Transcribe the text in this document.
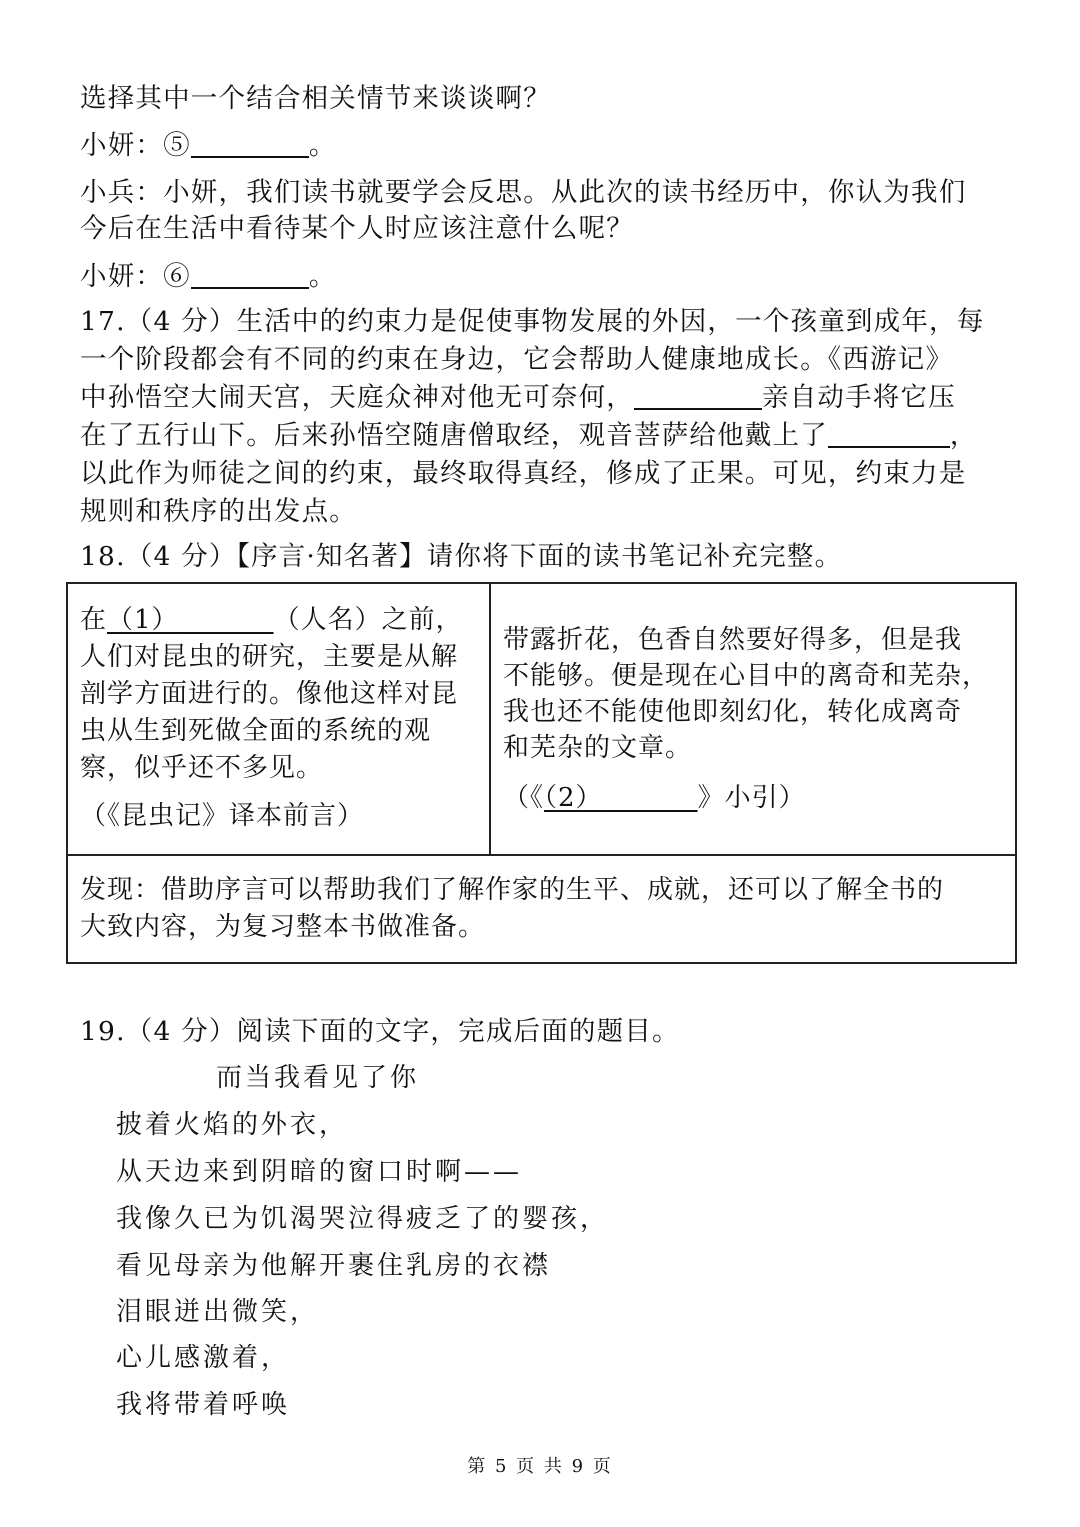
选择其中一个结合相关情节来谈谈啊？
小妍：⑤	。
小兵：小妍，我们读书就要学会反思。从此次的读书经历中，你认为我们
今后在生活中看待某个人时应该注意什么呢？
小妍：⑥	。
17.（4 分）生活中的约束力是促使事物发展的外因，一个孩童到成年，每
一个阶段都会有不同的约束在身边，它会帮助人健康地成长。《西游记》
中孙悟空大闹天宫，天庭众神对他无可奈何，	亲自动手将它压
在了五行山下。后来孙悟空随唐僧取经，观音菩萨给他戴上了	，
以此作为师徒之间的约束，最终取得真经，修成了正果。可见，约束力是
规则和秩序的出发点。
18.（4 分）【序言·知名著】请你将下面的读书笔记补充完整。
在（1）    	（人名）之前，
人们对昆虫的研究，主要是从解
剖学方面进行的。像他这样对昆
虫从生到死做全面的系统的观
察，似乎还不多见。
（《昆虫记》译本前言）

带露折花，色香自然要好得多，但是我
不能够。便是现在心目中的离奇和芜杂，
我也还不能使他即刻幻化，转化成离奇
和芜杂的文章。
（《（2）    	》小引）

发现：借助序言可以帮助我们了解作家的生平、成就，还可以了解全书的
大致内容，为复习整本书做准备。
19.（4 分）阅读下面的文字，完成后面的题目。
而当我看见了你
披着火焰的外衣，
从天边来到阴暗的窗口时啊——
我像久已为饥渴哭泣得疲乏了的婴孩，
看见母亲为他解开裹住乳房的衣襟
泪眼迸出微笑，
心儿感激着，
我将带着呼唤
第 5 页 共 9 页
